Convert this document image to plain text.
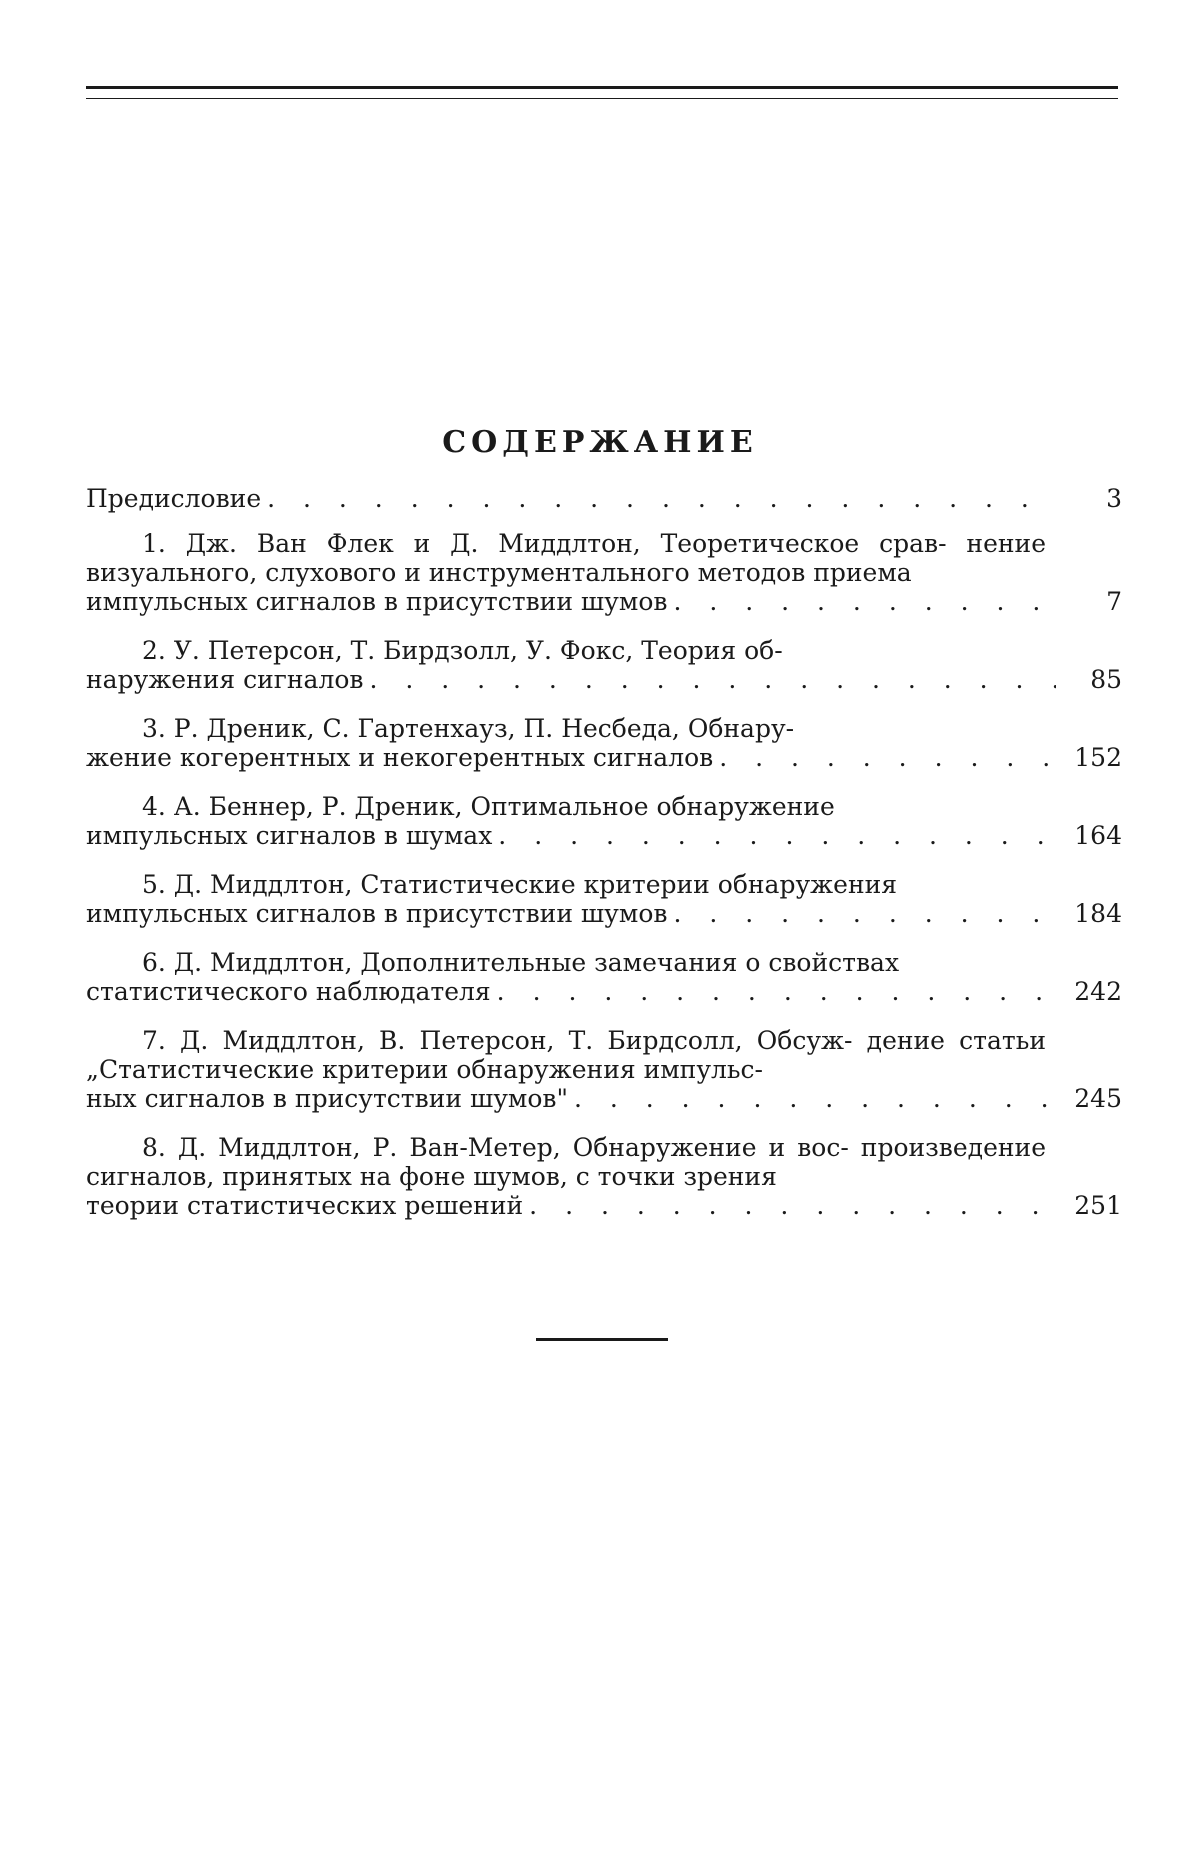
СОДЕРЖАНИЕ
Предисловие . . .	3
1. Дж. Ван Флек и Д. Миддлтон, Теоретическое срав- нение визуального, слухового и инструментального методов приема
импульсных сигналов в присутствии шумов . . .	7
2. У. Петерсон, Т. Бирдзолл, У. Фокс, Теория об-
наружения сигналов . . .	85
3. Р. Дреник, С. Гартенхауз, П. Несбеда, Обнару-
жение когерентных и некогерентных сигналов . . .	152
4. А. Беннер, Р. Дреник, Оптимальное обнаружение
импульсных сигналов в шумах . . .	164
5. Д. Миддлтон, Статистические критерии обнаружения
импульсных сигналов в присутствии шумов . . .	184
6. Д. Миддлтон, Дополнительные замечания о свойствах
статистического наблюдателя . . .	242
7. Д. Миддлтон, В. Петерсон, Т. Бирдсолл, Обсуж- дение статьи „Статистические критерии обнаружения импульс-
ных сигналов в присутствии шумов" . . .	245
8. Д. Миддлтон, Р. Ван-Метер, Обнаружение и вос- произведение сигналов, принятых на фоне шумов, с точки зрения
теории статистических решений . . .	251
